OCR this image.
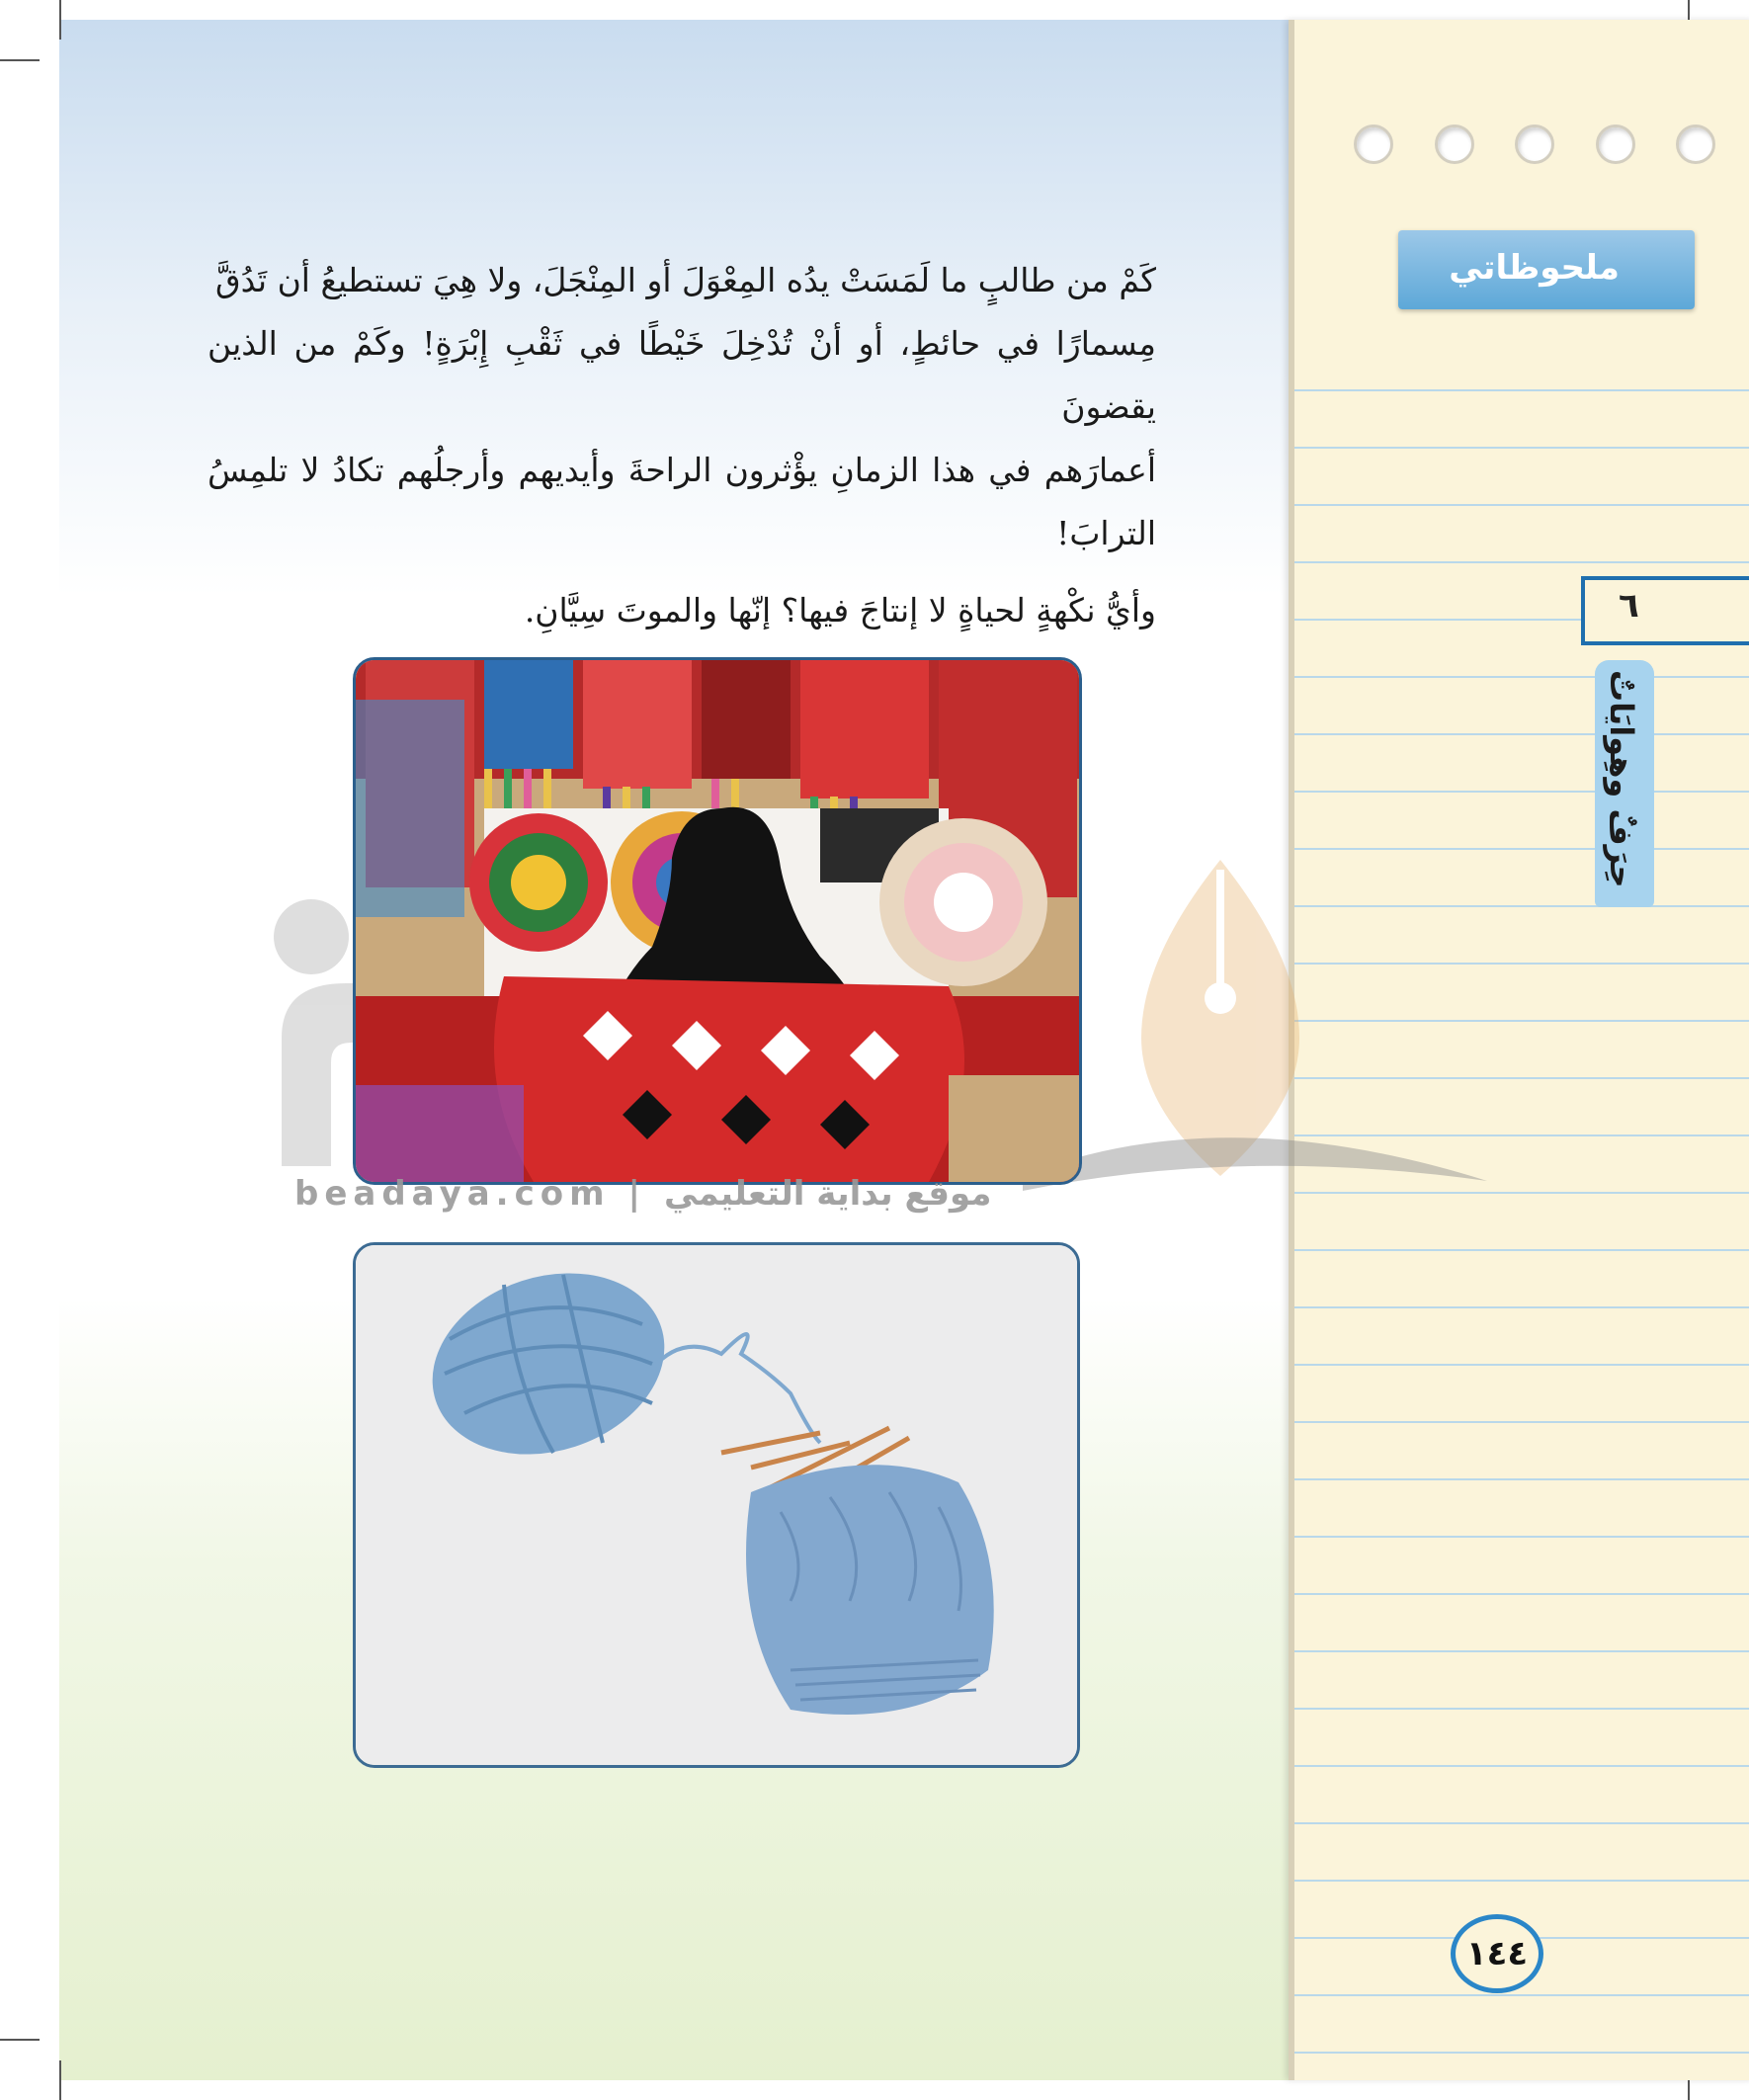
ملحوظاتي
٦
حِرَفٌ وهِوايَاتٌ
١٤٤

كَمْ من طالبٍ ما لَمَسَتْ يدُه المِعْوَلَ أو المِنْجَلَ، ولا هِيَ تستطيعُ أن تَدُقَّ

مِسمارًا في حائطٍ، أو أنْ تُدْخِلَ خَيْطًا في ثَقْبِ إِبْرَةٍ! وكَمْ من الذين يقضونَ

أعمارَهم في هذا الزمانِ يؤْثرون الراحةَ وأيديهم وأرجلُهم تكادُ لا تلمِسُ الترابَ!

وأيُّ نكْهةٍ لحياةٍ لا إنتاجَ فيها؟ إنّها والموتَ سِيَّانِ.

beadaya.com | موقع بداية التعليمي
